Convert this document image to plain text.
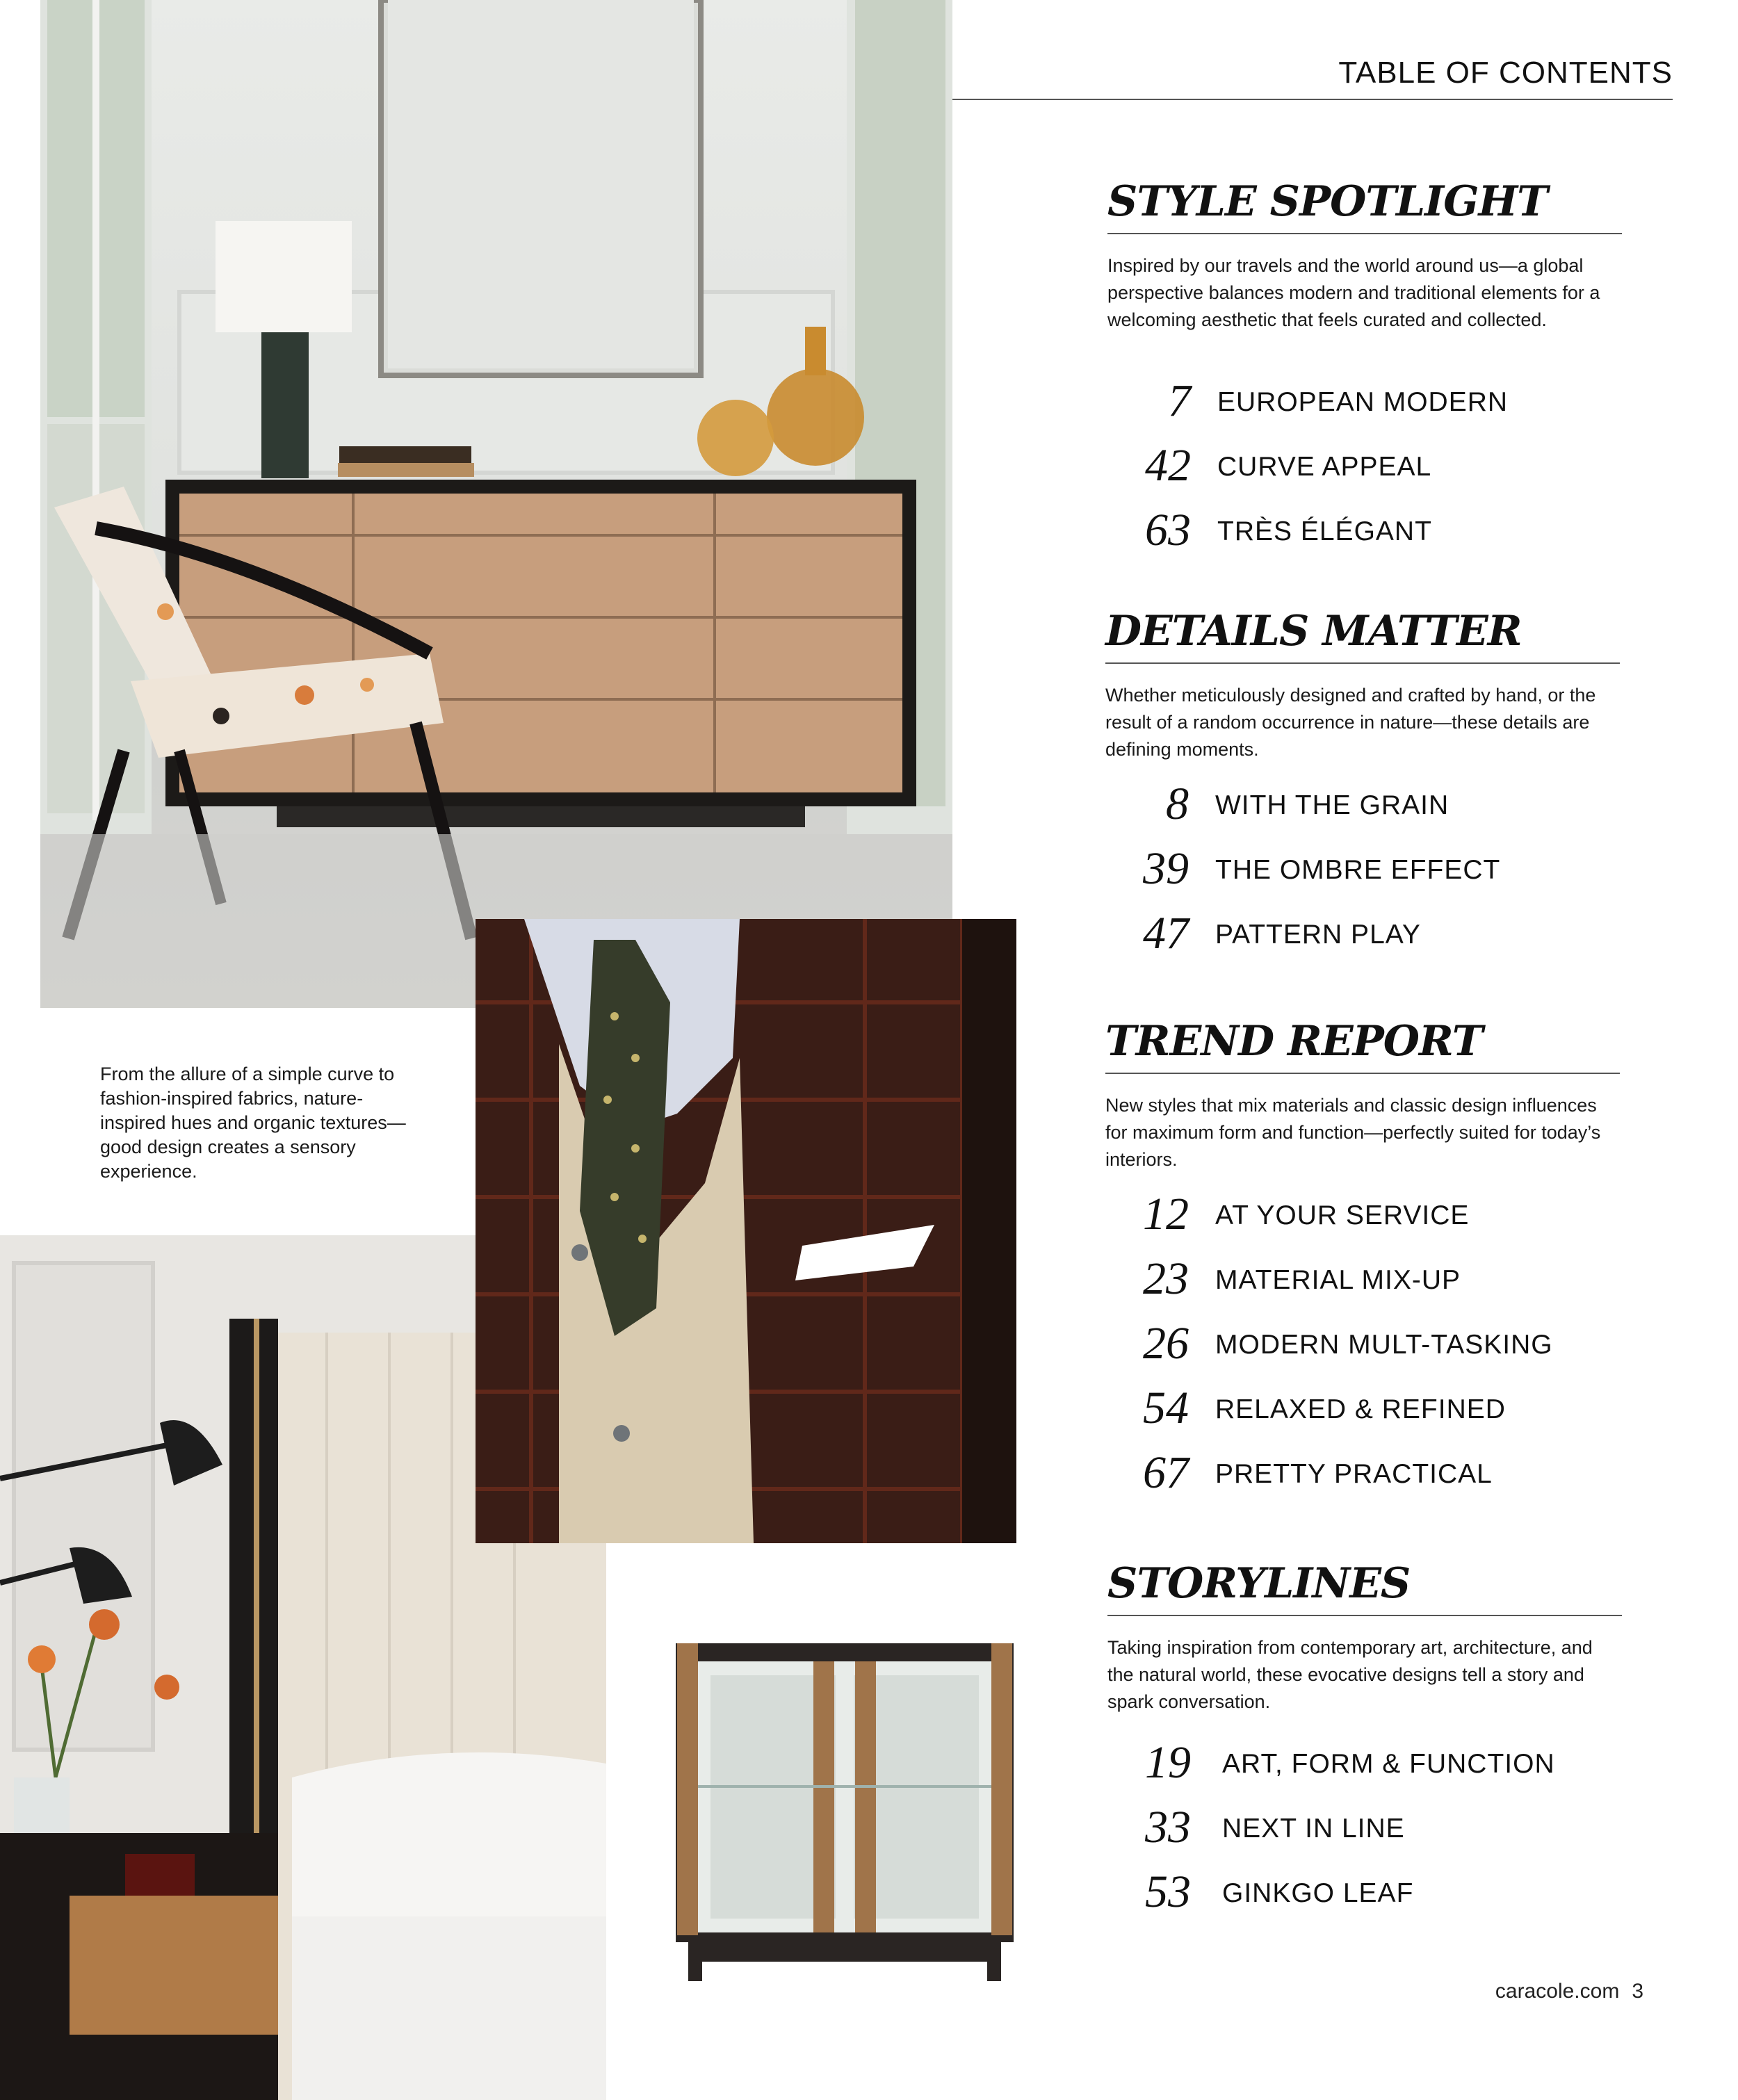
TABLE OF CONTENTS
From the allure of a simple curve to fashion-inspired fabrics, nature-inspired hues and organic textures— good design creates a sensory experience.
STYLE SPOTLIGHT
Inspired by our travels and the world around us—a global perspective balances modern and traditional elements for a welcoming aesthetic that feels curated and collected.
7 EUROPEAN MODERN
42 CURVE APPEAL
63 TRÈS ÉLÉGANT
DETAILS MATTER
Whether meticulously designed and crafted by hand, or the result of a random occurrence in nature—these details are defining moments.
8 WITH THE GRAIN
39 THE OMBRE EFFECT
47 PATTERN PLAY
TREND REPORT
New styles that mix materials and classic design influences for maximum form and function—perfectly suited for today’s interiors.
12 AT YOUR SERVICE
23 MATERIAL MIX-UP
26 MODERN MULT-TASKING
54 RELAXED & REFINED
67 PRETTY PRACTICAL
STORYLINES
Taking inspiration from contemporary art, architecture, and the natural world, these evocative designs tell a story and spark conversation.
19 ART, FORM & FUNCTION
33 NEXT IN LINE
53 GINKGO LEAF
caracole.com 3
